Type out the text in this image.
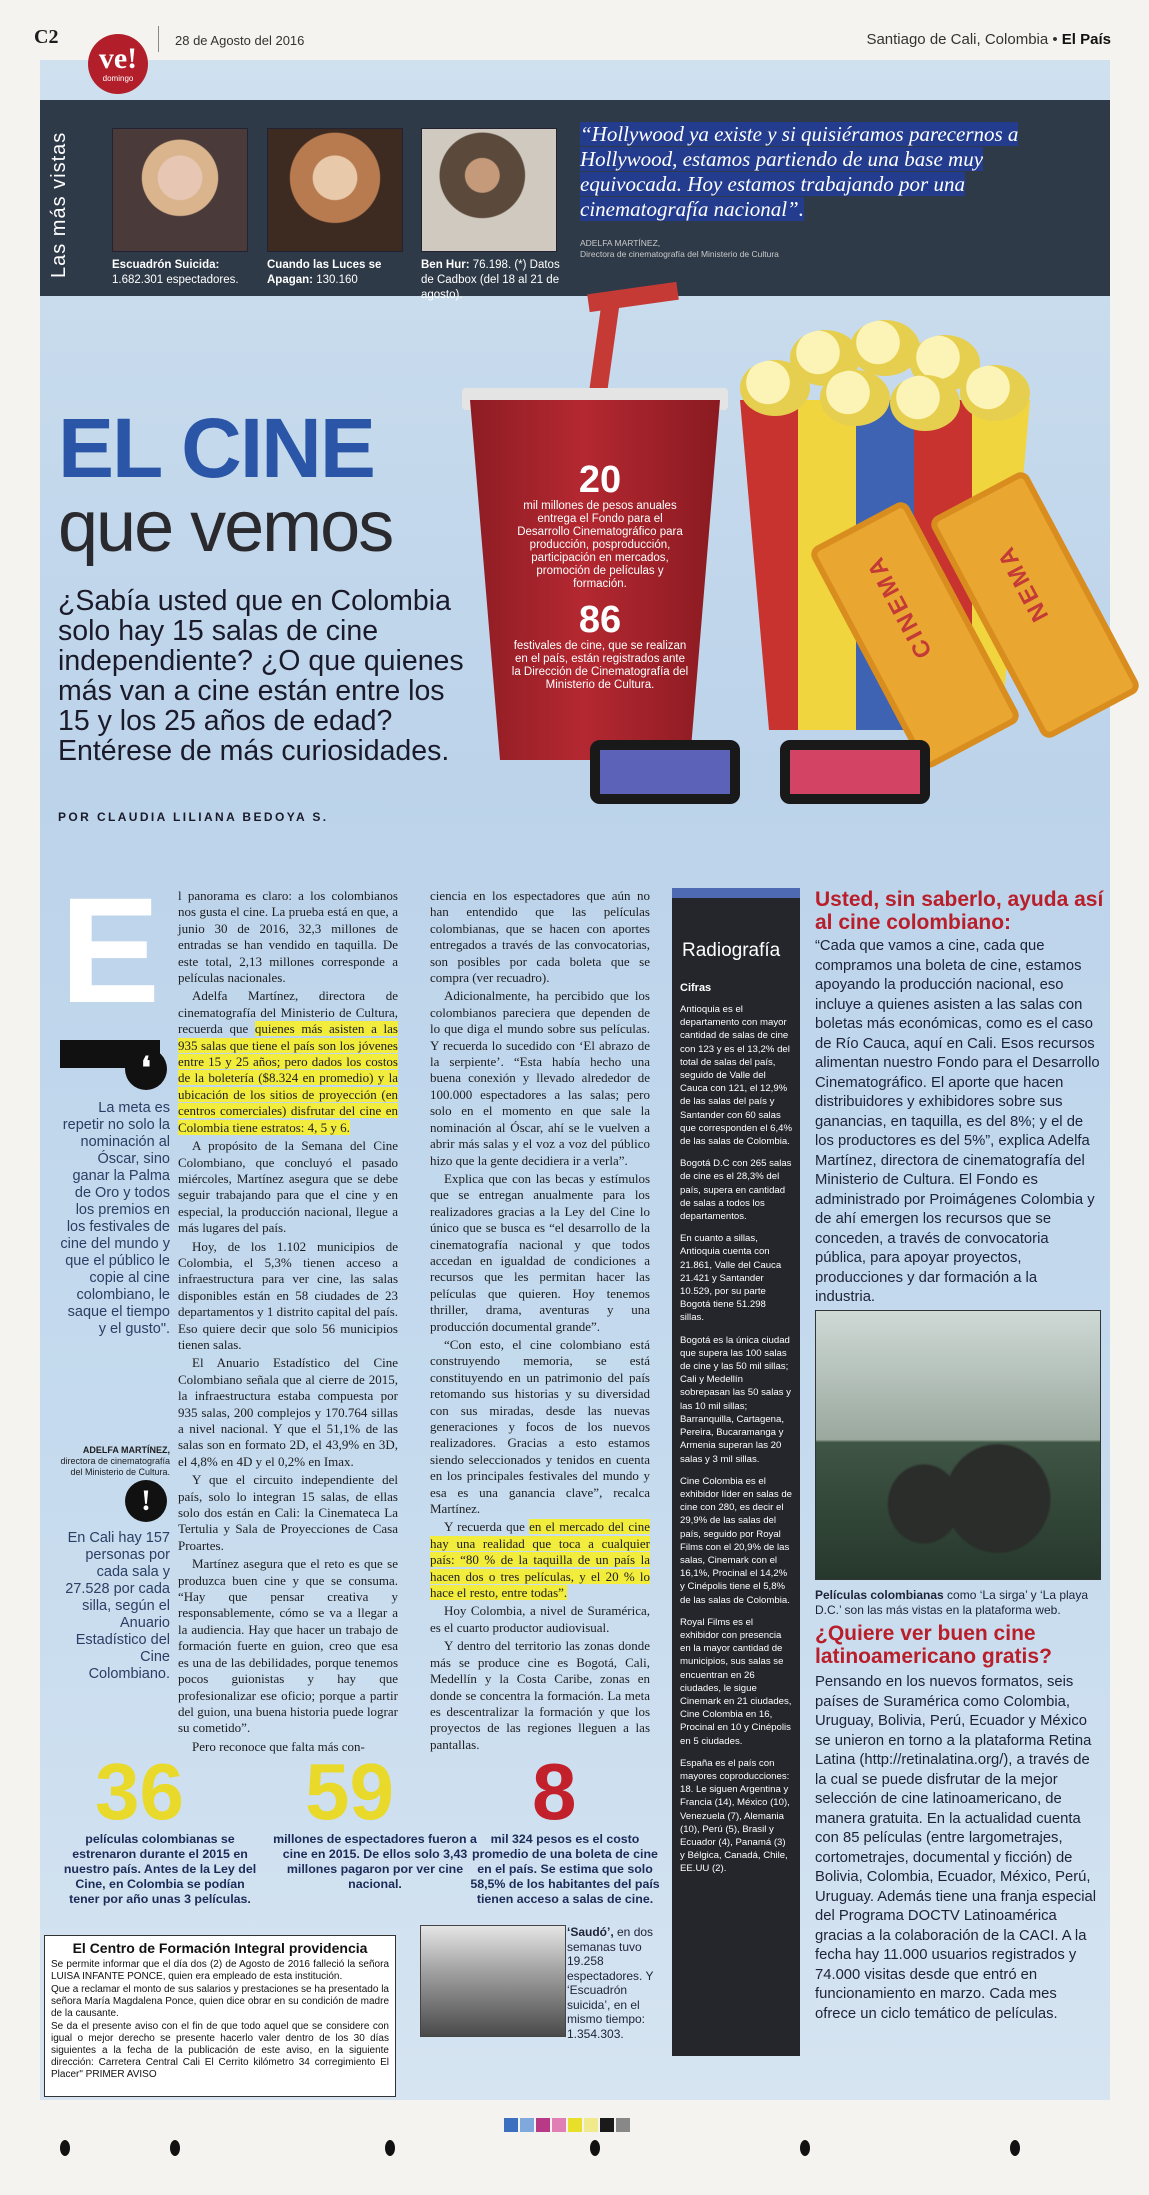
C2	28 de Agosto del 2016	Santiago de Cali, Colombia • El País
ve!
domingo
Las más vistas	Escuadrón Suicida: 1.682.301 espectadores.
Cuando las Luces se Apagan: 130.160
Ben Hur: 76.198. (*) Datos de Cadbox (del 18 al 21 de agosto).
“Hollywood ya existe y si quisiéramos parecernos a Hollywood, estamos partiendo de una base muy equivocada. Hoy estamos trabajando por una cinematografía nacional”.
ADELFA MARTÍNEZ,
Directora de cinematografía del Ministerio de Cultura
CINEMA NEMA
20
mil millones de pesos anuales entrega el Fondo para el Desarrollo Cinematográfico para producción, posproducción, participación en mercados, promoción de películas y formación.
86
festivales de cine, que se realizan en el país, están registrados ante la Dirección de Cinematografía del Ministerio de Cultura.
EL CINE
que vemos
¿Sabía usted que en Colombia solo hay 15 salas de cine independiente? ¿O que quienes más van a cine están entre los 15 y los 25 años de edad? Entérese de más curiosidades.
POR CLAUDIA LILIANA BEDOYA S.
E
❛
La meta es repetir no solo la nominación al Óscar, sino ganar la Palma de Oro y todos los premios en los festivales de cine del mundo y que el público le copie al cine colombiano, le saque el tiempo y el gusto".
ADELFA MARTÍNEZ, directora de cinematografía del Ministerio de Cultura.
!
En Cali hay 157 personas por cada sala y 27.528 por cada silla, según el Anuario Estadístico del Cine Colombiano.

l panorama es claro: a los colombianos nos gusta el cine. La prueba está en que, a junio 30 de 2016, 32,3 millones de entradas se han vendido en taquilla. De este total, 2,13 millones corresponde a películas nacionales.

Adelfa Martínez, directora de cinematografía del Ministerio de Cultura, recuerda que quienes más asisten a las 935 salas que tiene el país son los jóvenes entre 15 y 25 años; pero dados los costos de la boletería ($8.324 en promedio) y la ubicación de los sitios de proyección (en centros comerciales) disfrutar del cine en Colombia tiene estratos: 4, 5 y 6.

A propósito de la Semana del Cine Colombiano, que concluyó el pasado miércoles, Martínez asegura que se debe seguir trabajando para que el cine y en especial, la producción nacional, llegue a más lugares del país.

Hoy, de los 1.102 municipios de Colombia, el 5,3% tienen acceso a infraestructura para ver cine, las salas disponibles están en 58 ciudades de 23 departamentos y 1 distrito capital del país. Eso quiere decir que solo 56 municipios tienen salas.

El Anuario Estadístico del Cine Colombiano señala que al cierre de 2015, la infraestructura estaba compuesta por 935 salas, 200 complejos y 170.764 sillas a nivel nacional. Y que el 51,1% de las salas son en formato 2D, el 43,9% en 3D, el 4,8% en 4D y el 0,2% en Imax.

Y que el circuito independiente del país, solo lo integran 15 salas, de ellas solo dos están en Cali: la Cinemateca La Tertulia y Sala de Proyecciones de Casa Proartes.

Martínez asegura que el reto es que se produzca buen cine y que se consuma. “Hay que pensar creativa y responsablemente, cómo se va a llegar a la audiencia. Hay que hacer un trabajo de formación fuerte en guion, creo que esa es una de las debilidades, porque tenemos pocos guionistas y hay que profesionalizar ese oficio; porque a partir del guion, una buena historia puede lograr su cometido”.

Pero reconoce que falta más con-

ciencia en los espectadores que aún no han entendido que las películas colombianas, que se hacen con aportes entregados a través de las convocatorias, son posibles por cada boleta que se compra (ver recuadro).

Adicionalmente, ha percibido que los colombianos pareciera que dependen de lo que diga el mundo sobre sus películas. Y recuerda lo sucedido con ‘El abrazo de la serpiente’. “Esta había hecho una buena conexión y llevado alrededor de 100.000 espectadores a las salas; pero solo en el momento en que sale la nominación al Óscar, ahí se le vuelven a abrir más salas y el voz a voz del público hizo que la gente decidiera ir a verla”.

Explica que con las becas y estímulos que se entregan anualmente para los realizadores gracias a la Ley del Cine lo único que se busca es “el desarrollo de la cinematografía nacional y que todos accedan en igualdad de condiciones a recursos que les permitan hacer las películas que quieren. Hoy tenemos thriller, drama, aventuras y una producción documental grande”.

“Con esto, el cine colombiano está construyendo memoria, se está constituyendo en un patrimonio del país retomando sus historias y su diversidad con sus miradas, desde las nuevas generaciones y focos de los nuevos realizadores. Gracias a esto estamos siendo seleccionados y tenidos en cuenta en los principales festivales del mundo y esa es una ganancia clave”, recalca Martínez.

Y recuerda que en el mercado del cine hay una realidad que toca a cualquier país: “80 % de la taquilla de un país la hacen dos o tres películas, y el 20 % lo hace el resto, entre todas”.

Hoy Colombia, a nivel de Suramérica, es el cuarto productor audiovisual.

Y dentro del territorio las zonas donde más se produce cine es Bogotá, Cali, Medellín y la Costa Caribe, zonas en donde se concentra la formación. La meta es descentralizar la formación y que los proyectos de las regiones lleguen a las pantallas.

Radiografía
Cifras

Antioquia es el departamento con mayor cantidad de salas de cine con 123 y es el 13,2% del total de salas del país, seguido de Valle del Cauca con 121, el 12,9% de las salas del país y Santander con 60 salas que corresponden el 6,4% de las salas de Colombia.

Bogotá D.C con 265 salas de cine es el 28,3% del país, supera en cantidad de salas a todos los departamentos.

En cuanto a sillas, Antioquia cuenta con 21.861, Valle del Cauca 21.421 y Santander 10.529, por su parte Bogotá tiene 51.298 sillas.

Bogotá es la única ciudad que supera las 100 salas de cine y las 50 mil sillas; Cali y Medellín sobrepasan las 50 salas y las 10 mil sillas; Barranquilla, Cartagena, Pereira, Bucaramanga y Armenia superan las 20 salas y 3 mil sillas.

Cine Colombia es el exhibidor líder en salas de cine con 280, es decir el 29,9% de las salas del país, seguido por Royal Films con el 20,9% de las salas, Cinemark con el 16,1%, Procinal el 14,2% y Cinépolis tiene el 5,8% de las salas de Colombia.

Royal Films es el exhibidor con presencia en la mayor cantidad de municipios, sus salas se encuentran en 26 ciudades, le sigue Cinemark en 21 ciudades, Cine Colombia en 16, Procinal en 10 y Cinépolis en 5 ciudades.

España es el país con mayores coproducciones: 18. Le siguen Argentina y Francia (14), México (10), Venezuela (7), Alemania (10), Perú (5), Brasil y Ecuador (4), Panamá (3) y Bélgica, Canadá, Chile, EE.UU (2).

Usted, sin saberlo, ayuda así al cine colombiano:
“Cada que vamos a cine, cada que compramos una boleta de cine, estamos apoyando la producción nacional, eso incluye a quienes asisten a las salas con boletas más económicas, como es el caso de Río Cauca, aquí en Cali. Esos recursos alimentan nuestro Fondo para el Desarrollo Cinematográfico. El aporte que hacen distribuidores y exhibidores sobre sus ganancias, en taquilla, es del 8%; y el de los productores es del 5%”, explica Adelfa Martínez, directora de cinematografía del Ministerio de Cultura. El Fondo es administrado por Proimágenes Colombia y de ahí emergen los recursos que se conceden, a través de convocatoria pública, para apoyar proyectos, producciones y dar formación a la industria.
Películas colombianas como ‘La sirga’ y ‘La playa D.C.’ son las más vistas en la plataforma web.
¿Quiere ver buen cine latinoamericano gratis?
Pensando en los nuevos formatos, seis países de Suramérica como Colombia, Uruguay, Bolivia, Perú, Ecuador y México se unieron en torno a la plataforma Retina Latina (http://retinalatina.org/), a través de la cual se puede disfrutar de la mejor selección de cine latinoamericano, de manera gratuita. En la actualidad cuenta con 85 películas (entre largometrajes, cortometrajes, documental y ficción) de Bolivia, Colombia, Ecuador, México, Perú, Uruguay. Además tiene una franja especial del Programa DOCTV Latinoamérica gracias a la colaboración de la CACI. A la fecha hay 11.000 usuarios registrados y 74.000 visitas desde que entró en funcionamiento en marzo. Cada mes ofrece un ciclo temático de películas.
36 59 8
películas colombianas se estrenaron durante el 2015 en nuestro país. Antes de la Ley del Cine, en Colombia se podían tener por año unas 3 películas.
millones de espectadores fueron a cine en 2015. De ellos solo 3,43 millones pagaron por ver cine nacional.
mil 324 pesos es el costo promedio de una boleta de cine en el país. Se estima que solo 58,5% de los habitantes del país tienen acceso a salas de cine.
El Centro de Formación Integral providencia

Se permite informar que el día dos (2) de Agosto de 2016 falleció la señora LUISA INFANTE PONCE, quien era empleado de esta institución.

Que a reclamar el monto de sus salarios y prestaciones se ha presentado la señora María Magdalena Ponce, quien dice obrar en su condición de madre de la causante.

Se da el presente aviso con el fin de que todo aquel que se considere con igual o mejor derecho se presente hacerlo valer dentro de los 30 días siguientes a la fecha de la publicación de este aviso, en la siguiente dirección: Carretera Central Cali El Cerrito kilómetro 34 corregimiento El Placer" PRIMER AVISO

‘Saudó’, en dos semanas tuvo 19.258 espectadores. Y ‘Escuadrón suicida’, en el mismo tiempo: 1.354.303.
